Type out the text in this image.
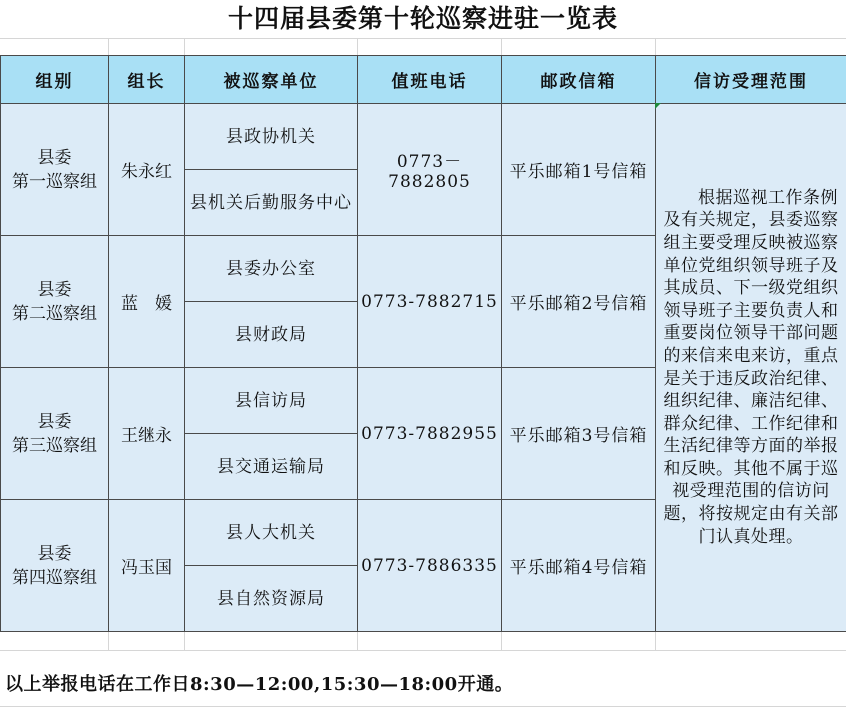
十四届县委第十轮巡察进驻一览表
组别	组长	被巡察单位	值班电话	邮政信箱	信访受理范围

县委
第一巡察组	朱永红	县政协机关	0773－7882805	平乐邮箱1号信箱	根据巡视工作条例及有关规定，县委巡察组主要受理反映被巡察单位党组织领导班子及其成员、下一级党组织领导班子主要负责人和重要岗位领导干部问题的来信来电来访，重点是关于违反政治纪律、组织纪律、廉洁纪律、群众纪律、工作纪律和生活纪律等方面的举报和反映。其他不属于巡视受理范围的信访问题，将按规定由有关部门认真处理。
		县机关后勤服务中心			

县委
第二巡察组	蓝　媛	县委办公室	0773-7882715	平乐邮箱2号信箱	
		县财政局			

县委
第三巡察组	王继永	县信访局	0773-7882955	平乐邮箱3号信箱	
		县交通运输局			

县委
第四巡察组	冯玉国	县人大机关	0773-7886335	平乐邮箱4号信箱	
		县自然资源局			
以上举报电话在工作日8:30—12:00,15:30—18:00开通。
